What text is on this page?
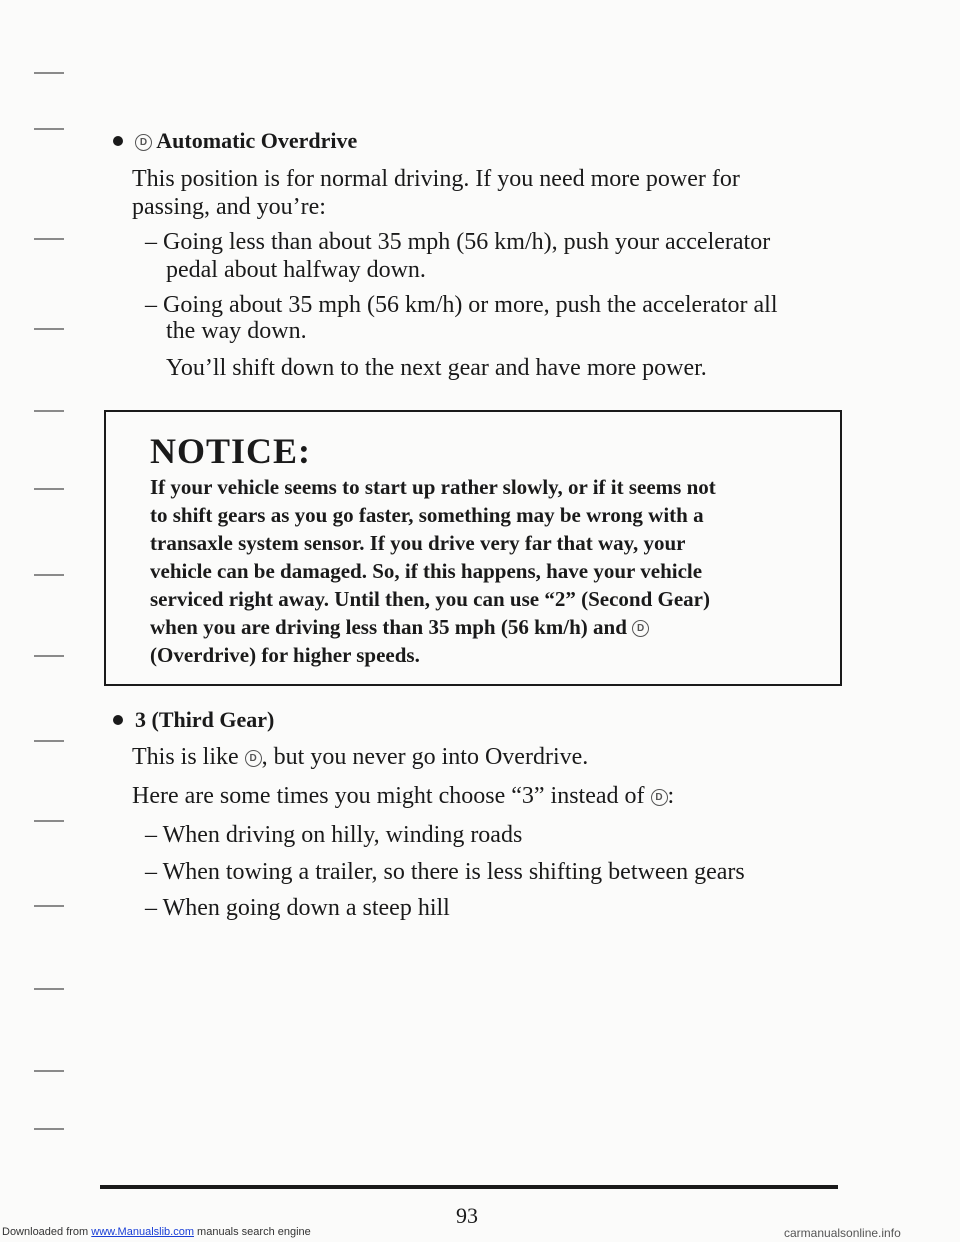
D Automatic Overdrive
This position is for normal driving. If you need more power for
passing, and you’re:
– Going less than about 35 mph (56 km/h), push your accelerator
pedal about halfway down.
– Going about 35 mph (56 km/h) or more, push the accelerator all
the way down.
You’ll shift down to the next gear and have more power.
NOTICE:
If your vehicle seems to start up rather slowly, or if it seems not
to shift gears as you go faster, something may be wrong with a
transaxle system sensor. If you drive very far that way, your
vehicle can be damaged. So, if this happens, have your vehicle
serviced right away. Until then, you can use “2” (Second Gear)
when you are driving less than 35 mph (56 km/h) and D
(Overdrive) for higher speeds.
3 (Third Gear)
This is like D , but you never go into Overdrive.
Here are some times you might choose “3” instead of D :
– When driving on hilly, winding roads
– When towing a trailer, so there is less shifting between gears
– When going down a steep hill
93
Downloaded from www.Manualslib.com manuals search engine	carmanualsonline.info
